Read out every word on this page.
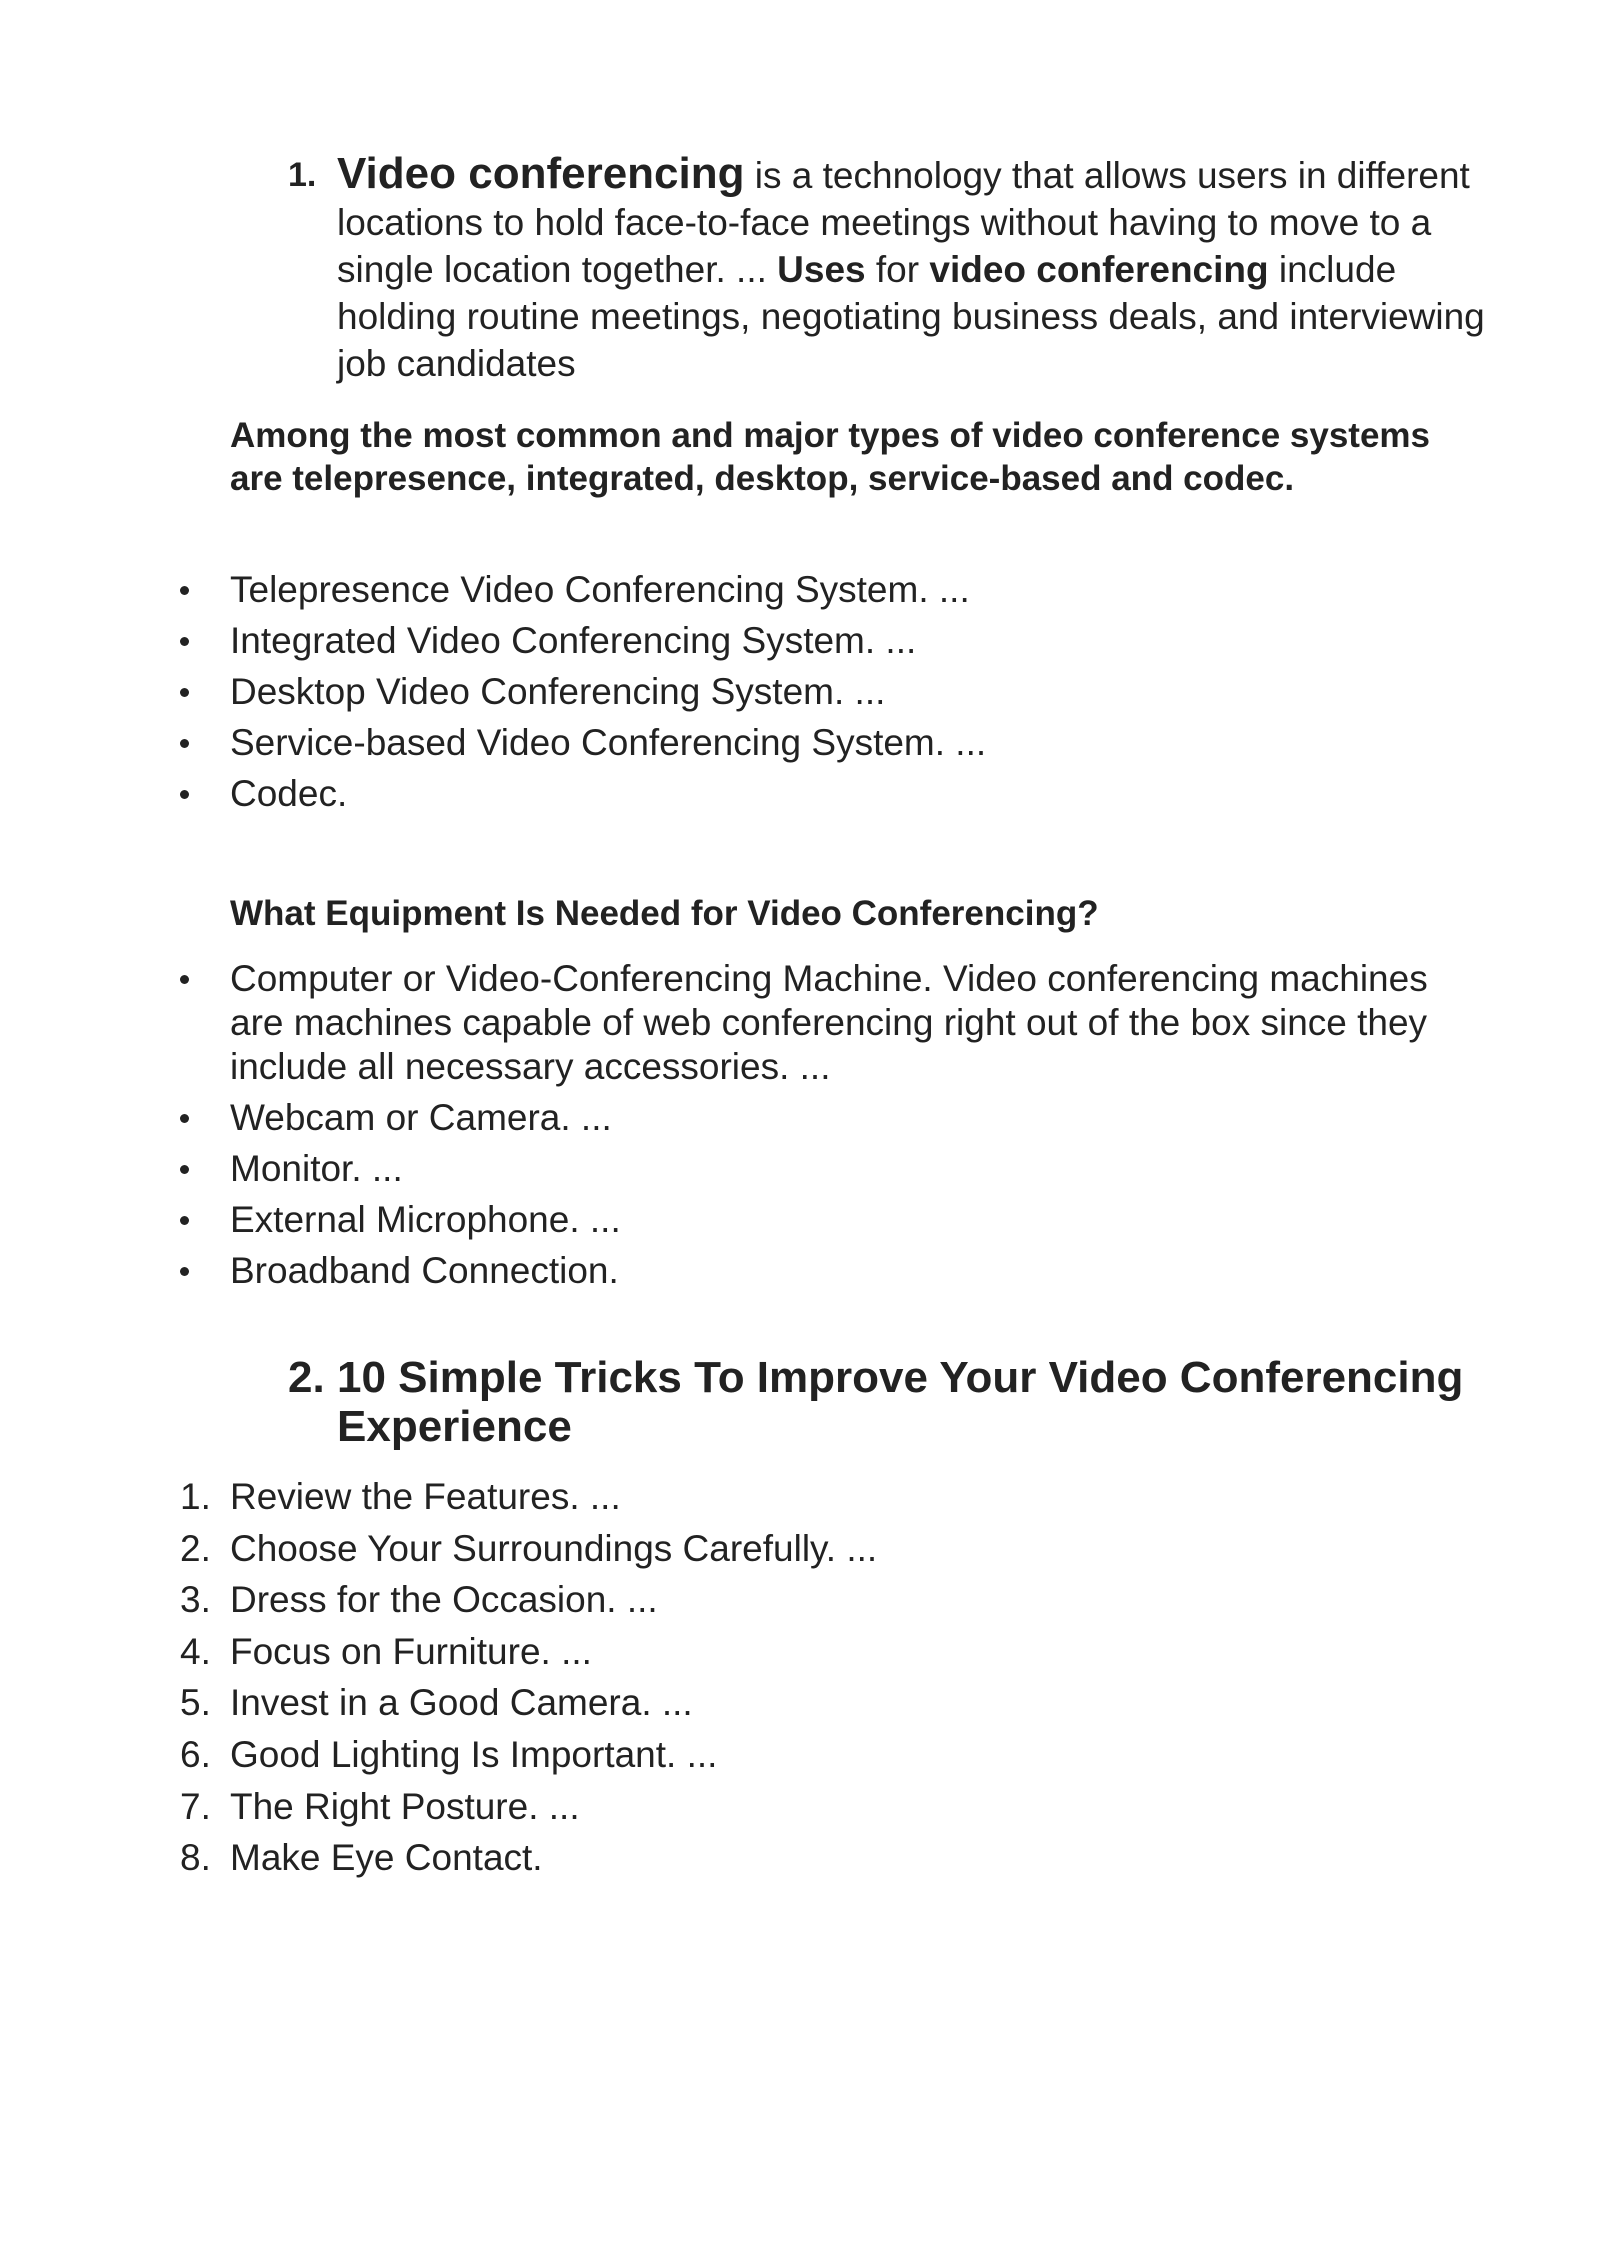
1. Video conferencing is a technology that allows users in different locations to hold face-to-face meetings without having to move to a single location together. ... Uses for video conferencing include holding routine meetings, negotiating business deals, and interviewing job candidates
Among the most common and major types of video conference systems are telepresence, integrated, desktop, service-based and codec.
Telepresence Video Conferencing System. ...
Integrated Video Conferencing System. ...
Desktop Video Conferencing System. ...
Service-based Video Conferencing System. ...
Codec.
What Equipment Is Needed for Video Conferencing?
Computer or Video-Conferencing Machine. Video conferencing machines are machines capable of web conferencing right out of the box since they include all necessary accessories. ...
Webcam or Camera. ...
Monitor. ...
External Microphone. ...
Broadband Connection.
2. 10 Simple Tricks To Improve Your Video Conferencing Experience
1. Review the Features. ...
2. Choose Your Surroundings Carefully. ...
3. Dress for the Occasion. ...
4. Focus on Furniture. ...
5. Invest in a Good Camera. ...
6. Good Lighting Is Important. ...
7. The Right Posture. ...
8. Make Eye Contact.
